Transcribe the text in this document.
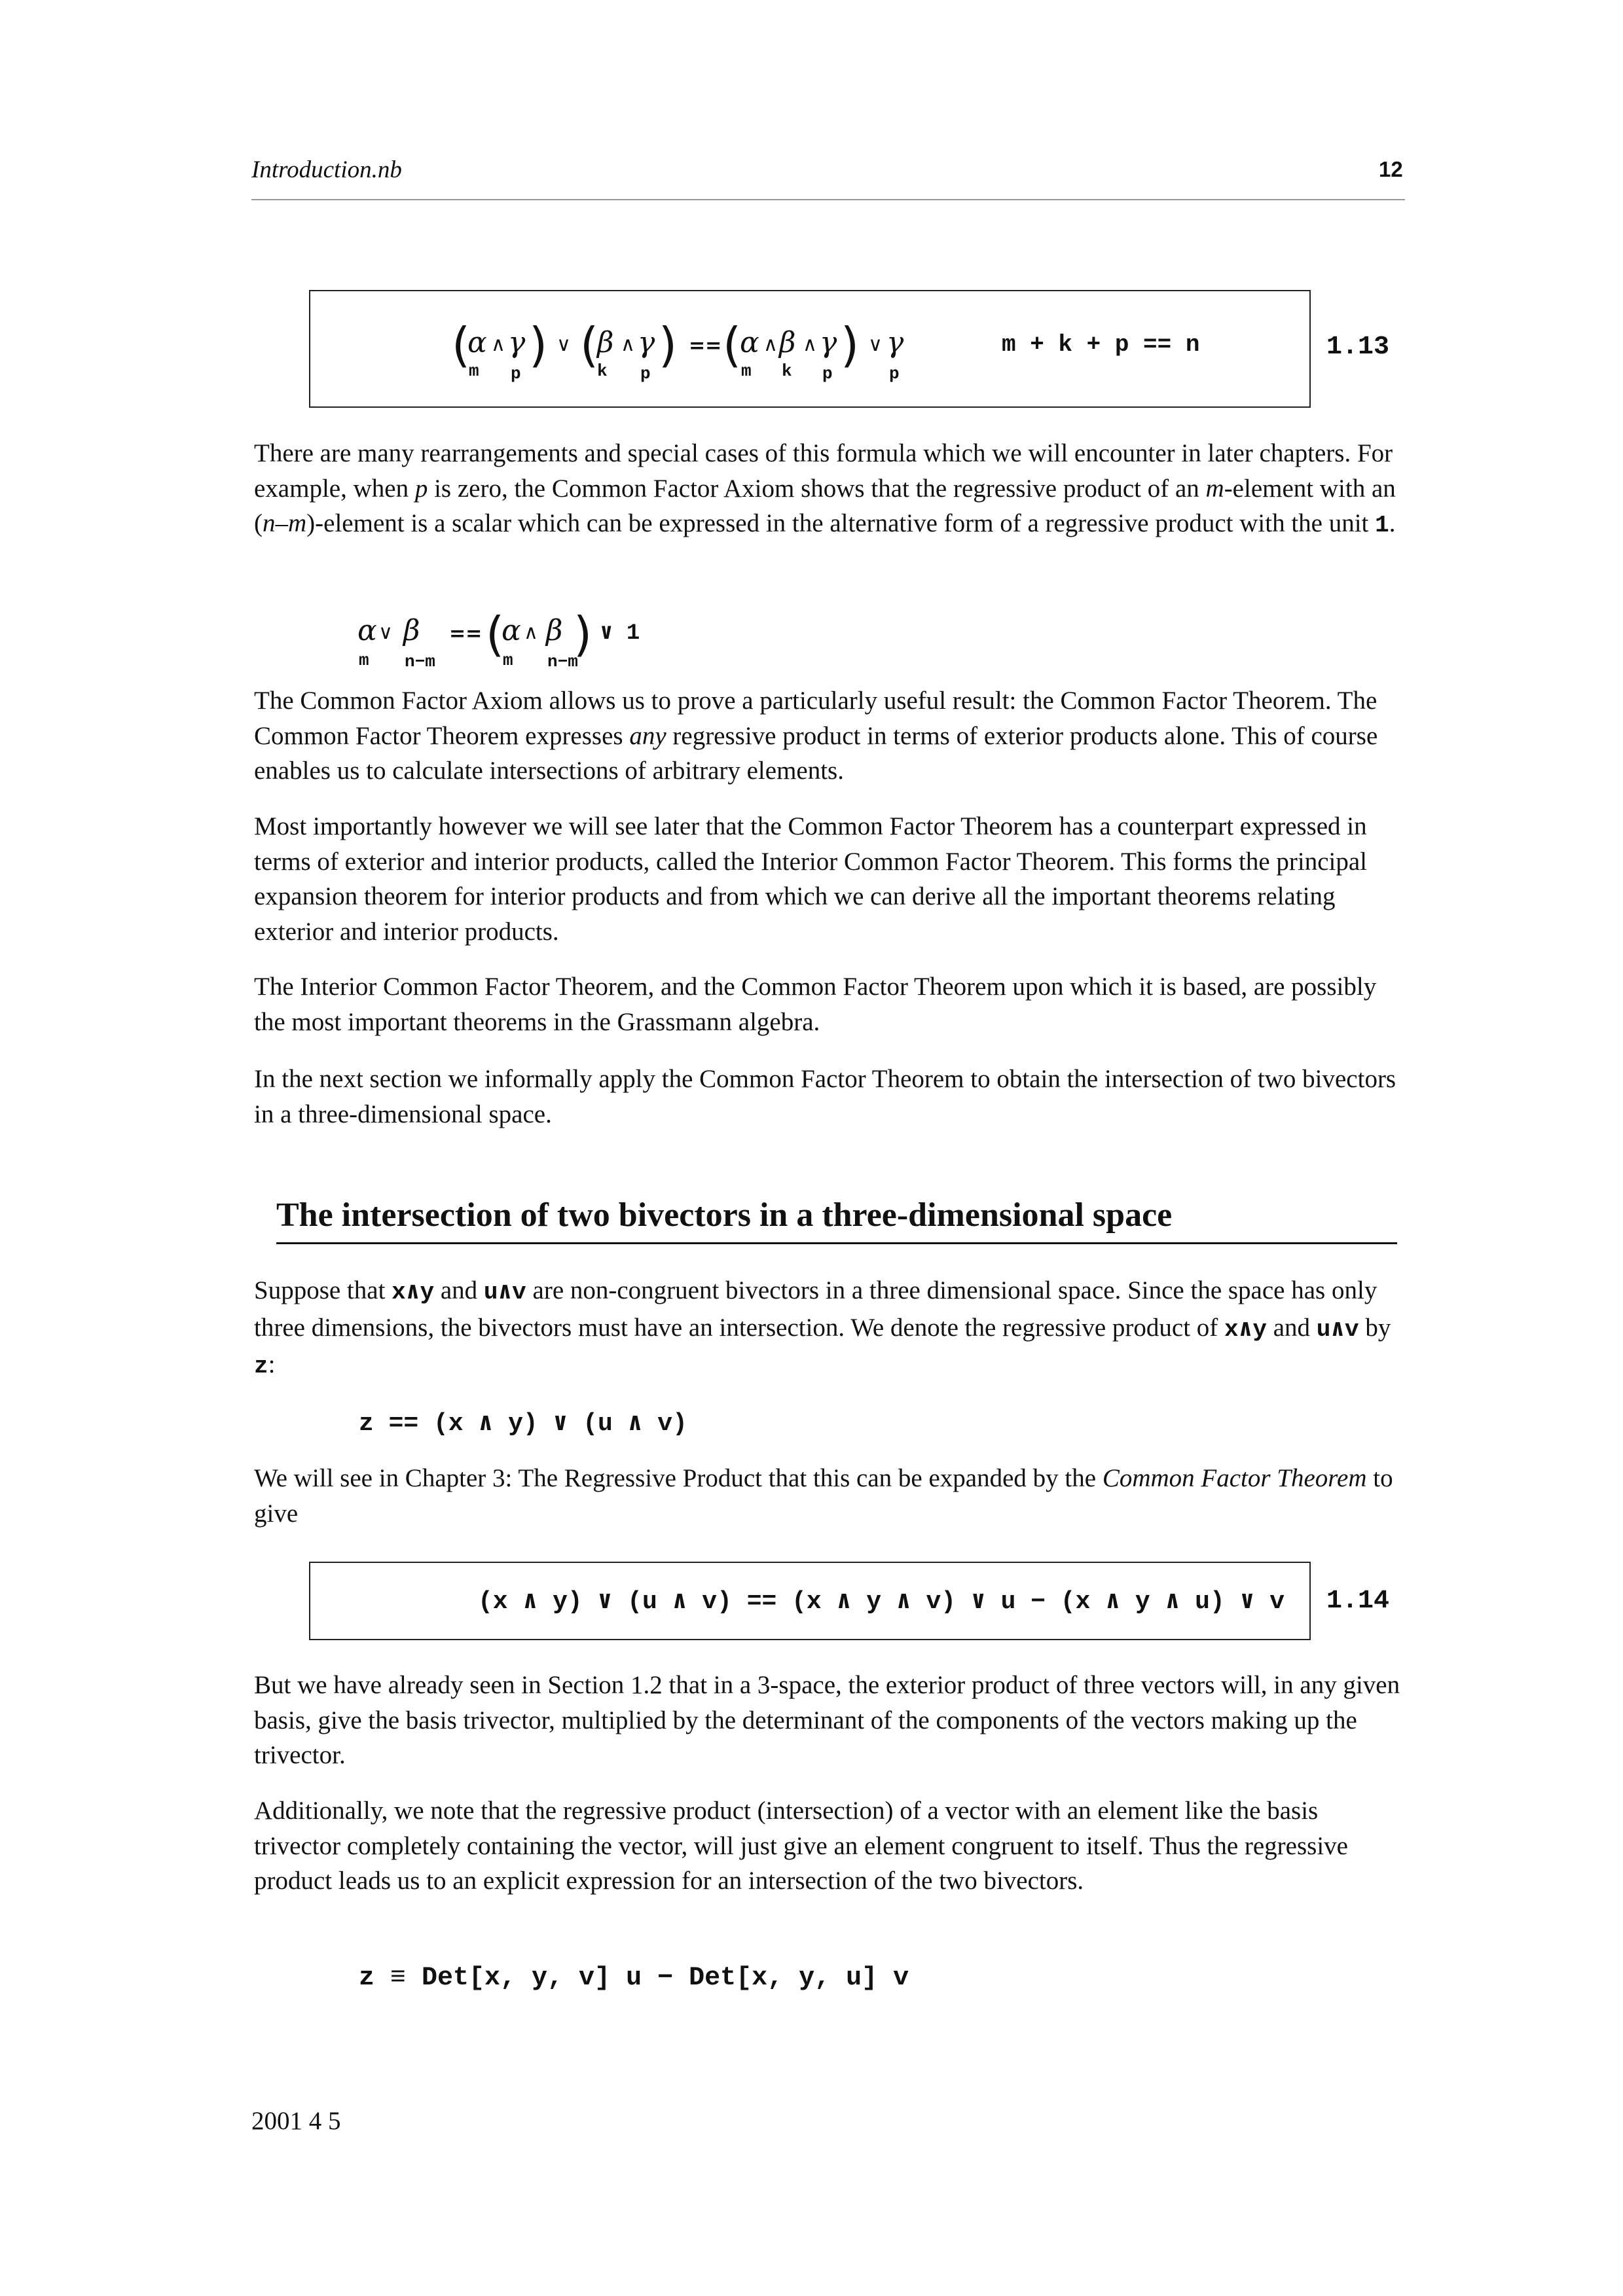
Introduction.nb	12
(
α ∧ γ )
m p
∨ (
β ∧ γ )
k p
== (
α ∧ β ∧ γ )
m k p
∨ γ
p
m + k + p == n	1.13

There are many rearrangements and special cases of this formula which we will encounter in later chapters. For example, when p is zero, the Common Factor Axiom shows that the regressive product of an m-element with an (n–m)-element is a scalar which can be expressed in the alternative form of a regressive product with the unit 1.

α ∨ β
m n−m
== (
α ∧ β )
m n−m
∨ 1

The Common Factor Axiom allows us to prove a particularly useful result: the Common Factor Theorem. The Common Factor Theorem expresses any regressive product in terms of exterior products alone. This of course enables us to calculate intersections of arbitrary elements.

Most importantly however we will see later that the Common Factor Theorem has a counterpart expressed in terms of exterior and interior products, called the Interior Common Factor Theorem. This forms the principal expansion theorem for interior products and from which we can derive all the important theorems relating exterior and interior products.

The Interior Common Factor Theorem, and the Common Factor Theorem upon which it is based, are possibly the most important theorems in the Grassmann algebra.

In the next section we informally apply the Common Factor Theorem to obtain the intersection of two bivectors in a three-dimensional space.

The intersection of two bivectors in a three-dimensional space

Suppose that x∧y and u∧v are non-congruent bivectors in a three dimensional space. Since the space has only three dimensions, the bivectors must have an intersection. We denote the regressive product of x∧y and u∧v by z:

z == (x ∧ y) ∨ (u ∧ v)

We will see in Chapter 3: The Regressive Product that this can be expanded by the Common Factor Theorem to give

(x ∧ y) ∨ (u ∧ v) == (x ∧ y ∧ v) ∨ u − (x ∧ y ∧ u) ∨ v 1.14

But we have already seen in Section 1.2 that in a 3-space, the exterior product of three vectors will, in any given basis, give the basis trivector, multiplied by the determinant of the components of the vectors making up the trivector.

Additionally, we note that the regressive product (intersection) of a vector with an element like the basis trivector completely containing the vector, will just give an element congruent to itself. Thus the regressive product leads us to an explicit expression for an intersection of the two bivectors.

z ≡ Det[x, y, v] u − Det[x, y, u] v
2001 4 5
